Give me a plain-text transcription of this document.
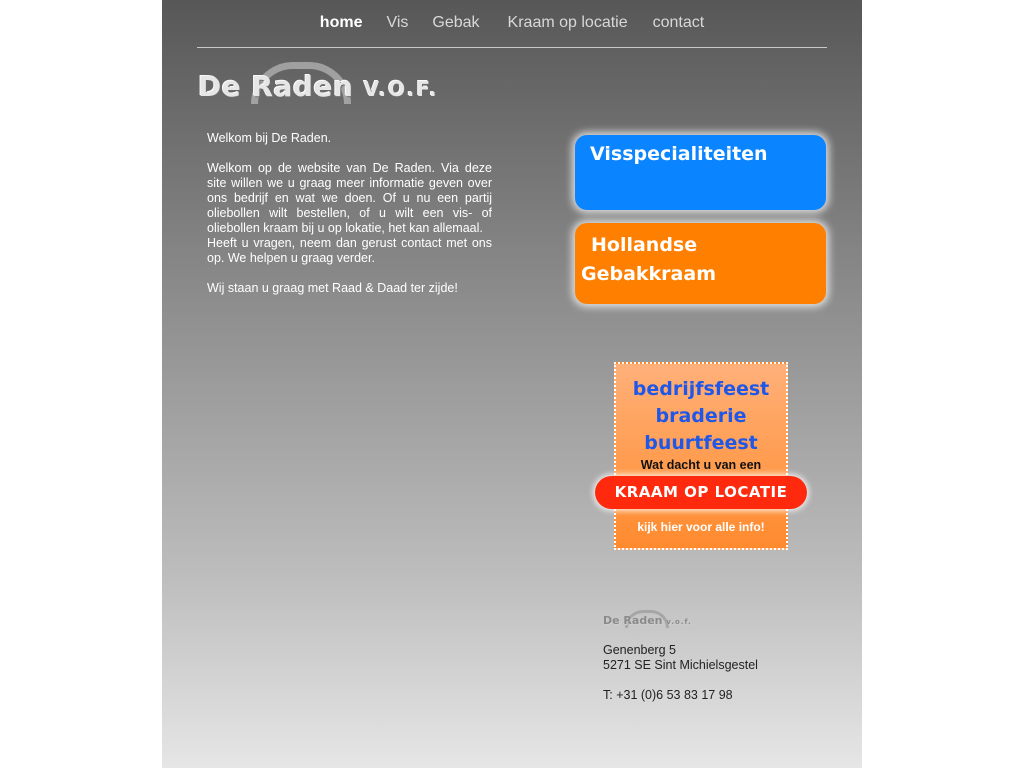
home Vis Gebak Kraam op locatie contact
De Raden V.O.F.

Welkom bij De Raden.

Welkom op de website van De Raden. Via deze site willen we u graag meer informatie geven over ons bedrijf en wat we doen. Of u nu een partij oliebollen wilt bestellen, of u wilt een vis- of oliebollen kraam bij u op lokatie, het kan allemaal.
Heeft u vragen, neem dan gerust contact met ons op. We helpen u graag verder.

Wij staan u graag met Raad & Daad ter zijde!

Visspecialiteiten
Hollandse
Gebakkraam
bedrijfsfeest
braderie
buurtfeest
Wat dacht u van een
kijk hier voor alle info!
KRAAM OP LOCATIE
De Raden v.o.f.

Genenberg 5

5271 SE Sint Michielsgestel

T: +31 (0)6 53 83 17 98
